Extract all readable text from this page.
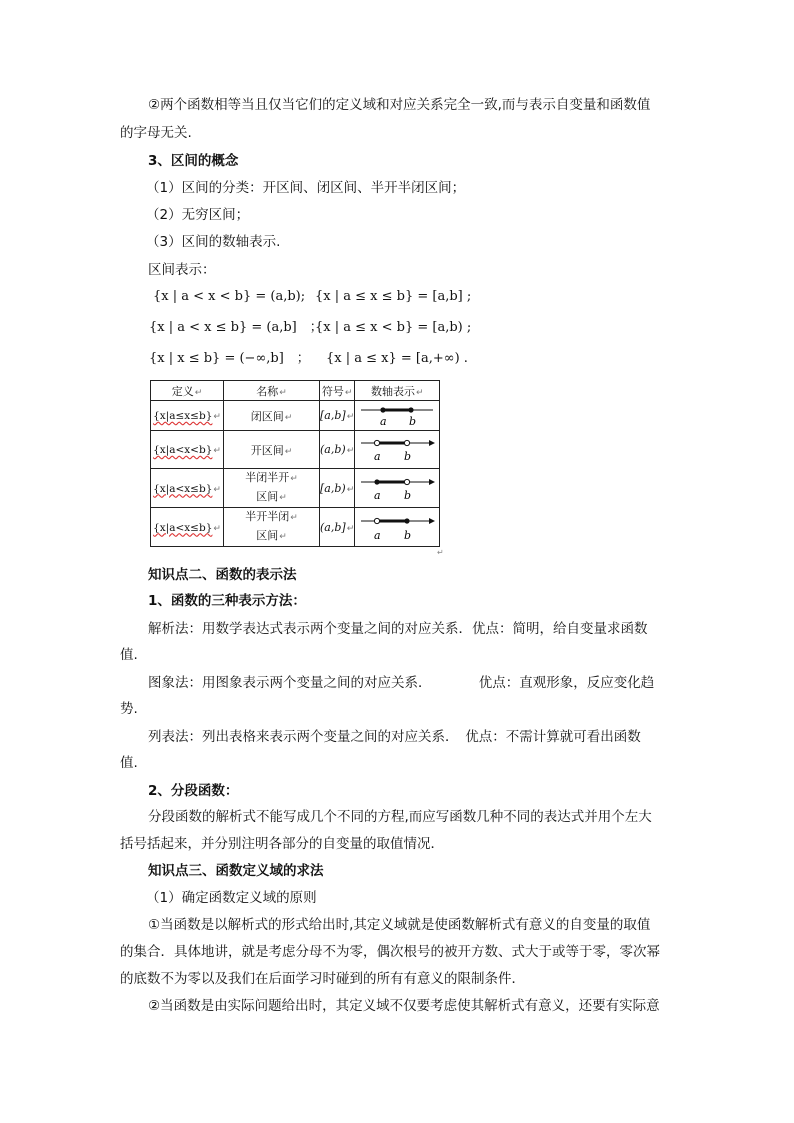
②两个函数相等当且仅当它们的定义域和对应关系完全一致,而与表示自变量和函数值
的字母无关.
3、区间的概念
（1）区间的分类：开区间、闭区间、半开半闭区间；
（2）无穷区间；
（3）区间的数轴表示.
区间表示：
{x | a < x < b} = (a,b); {x | a ≤ x ≤ b} = [a,b] ;
{x | a < x ≤ b} = (a,b]　；
{x | a ≤ x < b} = [a,b) ;
{x | x ≤ b} = (−∞,b]　； {x | a ≤ x} = [a,+∞) .
定义↵	名称↵	符号↵	数轴表示↵
{x|a≤x≤b}↵	闭区间↵	[a,b]↵	a b

{x|a<x<b}↵	开区间↵	(a,b)↵	a b

{x|a<x≤b}↵	半闭半开↵
区间↵	[a,b)↵	a b

{x|a<x≤b}↵	半开半闭↵
区间↵	(a,b]↵	a b
↵
知识点二、函数的表示法
1、函数的三种表示方法：
解析法：用数学表达式表示两个变量之间的对应关系．优点：简明，给自变量求函数
值.
图象法：用图象表示两个变量之间的对应关系．　　　　优点：直观形象，反应变化趋
势.
列表法：列出表格来表示两个变量之间的对应关系．　优点：不需计算就可看出函数
值.
2、分段函数：
分段函数的解析式不能写成几个不同的方程,而应写函数几种不同的表达式并用个左大
括号括起来，并分别注明各部分的自变量的取值情况．
知识点三、函数定义域的求法
（1）确定函数定义域的原则
①当函数是以解析式的形式给出时,其定义域就是使函数解析式有意义的自变量的取值
的集合．具体地讲，就是考虑分母不为零，偶次根号的被开方数、式大于或等于零，零次幂
的底数不为零以及我们在后面学习时碰到的所有有意义的限制条件．
②当函数是由实际问题给出时，其定义域不仅要考虑使其解析式有意义，还要有实际意
